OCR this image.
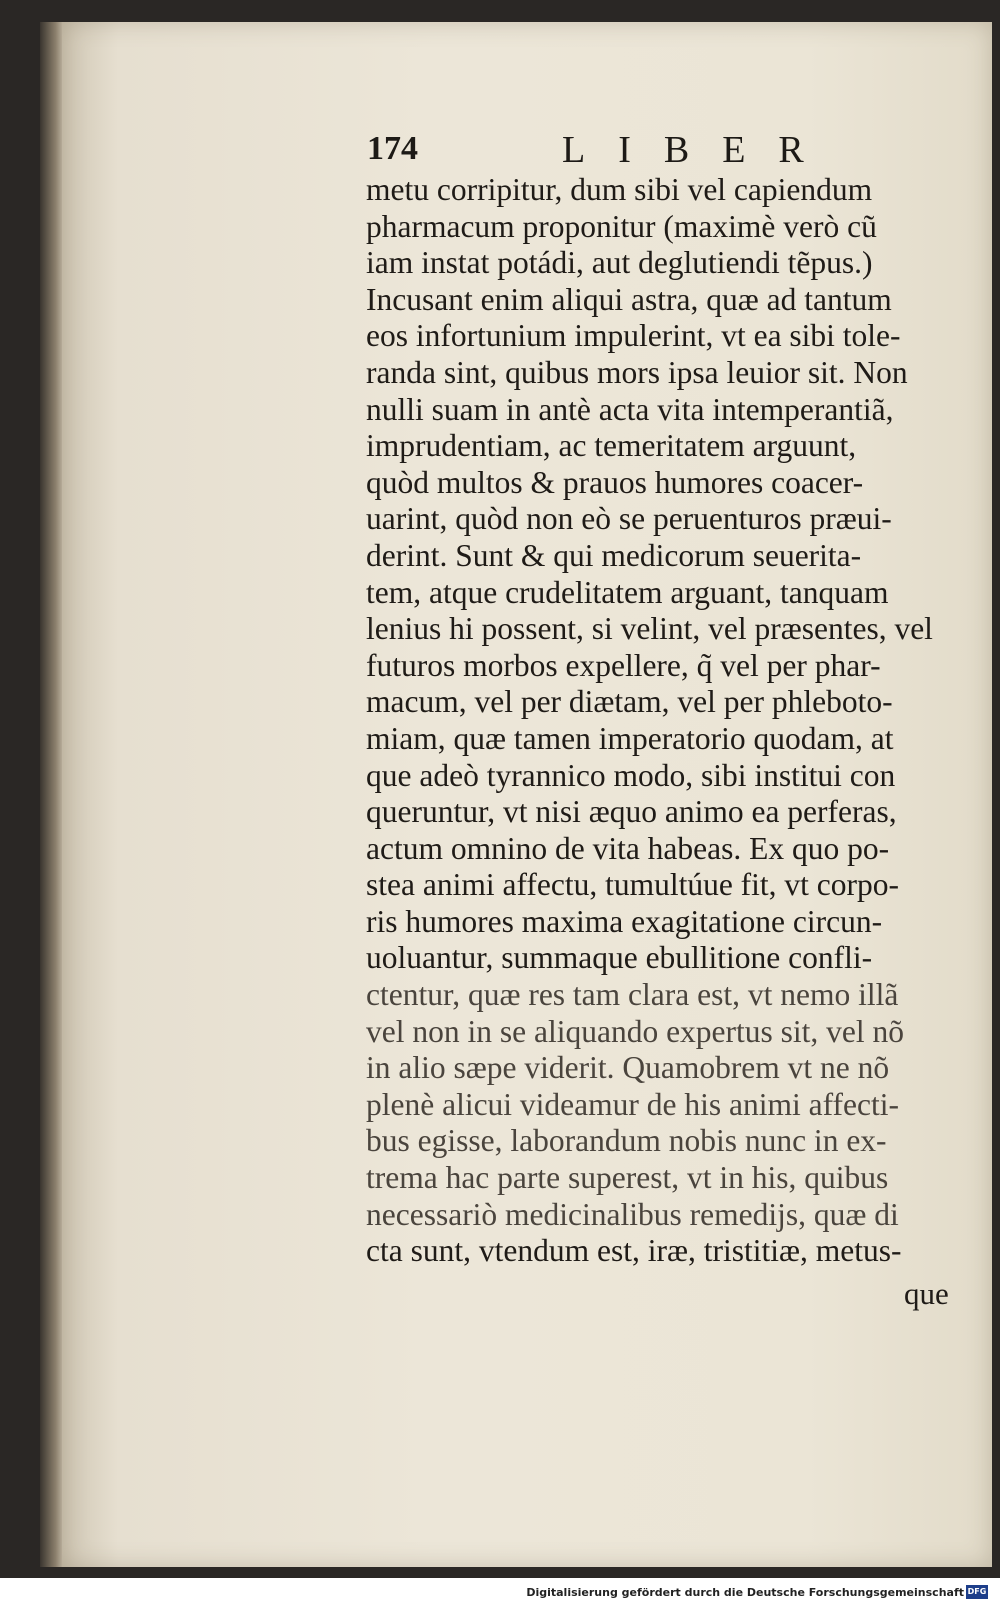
174	LIBER
metu corripitur, dum sibi vel capiendum
pharmacum proponitur (maximè verò cũ
iam instat potádi, aut deglutiendi tẽpus.)
Incusant enim aliqui astra, quæ ad tantum
eos infortunium impulerint, vt ea sibi tole-
randa sint, quibus mors ipsa leuior sit. Non
nulli suam in antè acta vita intemperantiã,
imprudentiam, ac temeritatem arguunt,
quòd multos & prauos humores coacer-
uarint, quòd non eò se peruenturos præui-
derint. Sunt & qui medicorum seuerita-
tem, atque crudelitatem arguant, tanquam
lenius hi possent, si velint, vel præsentes, vel
futuros morbos expellere, q̃ vel per phar-
macum, vel per diætam, vel per phleboto-
miam, quæ tamen imperatorio quodam, at
que adeò tyrannico modo, sibi institui con
queruntur, vt nisi æquo animo ea perferas,
actum omnino de vita habeas. Ex quo po-
stea animi affectu, tumultúue fit, vt corpo-
ris humores maxima exagitatione circun-
uoluantur, summaque ebullitione confli-
ctentur, quæ res tam clara est, vt nemo illã
vel non in se aliquando expertus sit, vel nõ
in alio sæpe viderit. Quamobrem vt ne nõ
plenè alicui videamur de his animi affecti-
bus egisse, laborandum nobis nunc in ex-
trema hac parte superest, vt in his, quibus
necessariò medicinalibus remedijs, quæ di
cta sunt, vtendum est, iræ, tristitiæ, metus-
que
Digitalisierung gefördert durch die Deutsche Forschungsgemeinschaft DFG
